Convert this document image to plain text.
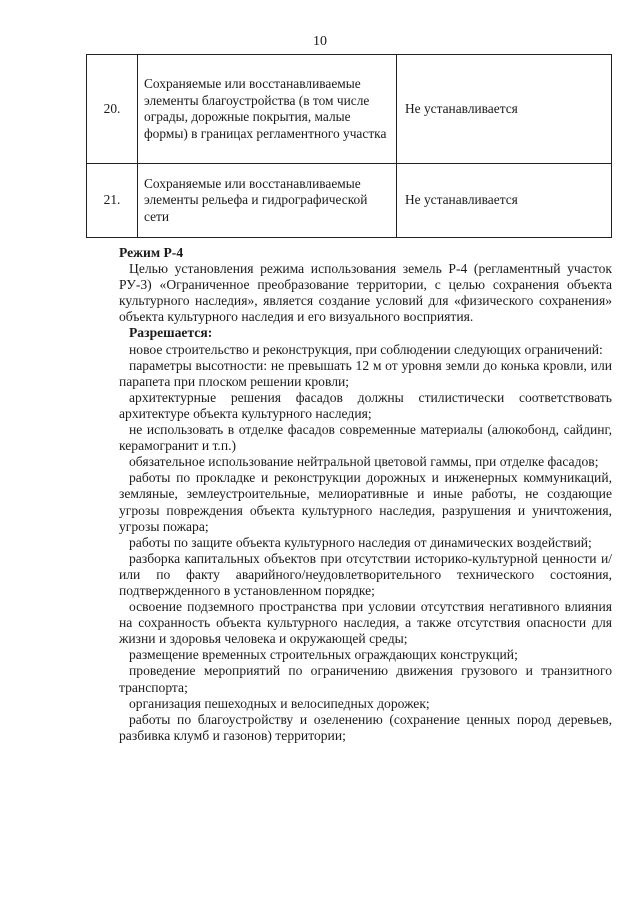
10
20.	Сохраняемые или восстанавливаемые элементы благоустройства (в том числе ограды, дорожные покрытия, малые формы) в границах регламентного участка	Не устанавливается
21.	Сохраняемые или восстанавливаемые элементы рельефа и гидрографической сети	Не устанавливается

Режим Р-4

Целью установления режима использования земель Р-4 (регламентный участок РУ-3) «Ограниченное преобразование территории, с целью сохранения объекта культурного наследия», является создание условий для «физического сохранения» объекта культурного наследия и его визуального восприятия.

Разрешается:

новое строительство и реконструкция, при соблюдении следующих ограничений:

параметры высотности: не превышать 12 м от уровня земли до конька кровли, или парапета при плоском решении кровли;

архитектурные решения фасадов должны стилистически соответствовать архитектуре объекта культурного наследия;

не использовать в отделке фасадов современные материалы (алюкобонд, сайдинг, керамогранит и т.п.)

обязательное использование нейтральной цветовой гаммы, при отделке фасадов;

работы по прокладке и реконструкции дорожных и инженерных коммуникаций, земляные, землеустроительные, мелиоративные и иные работы, не создающие угрозы повреждения объекта культурного наследия, разрушения и уничтожения, угрозы пожара;

работы по защите объекта культурного наследия от динамических воздействий;

разборка капитальных объектов при отсутствии историко-культурной ценности и/или по факту аварийного/неудовлетворительного технического состояния, подтвержденного в установленном порядке;

освоение подземного пространства при условии отсутствия негативного влияния на сохранность объекта культурного наследия, а также отсутствия опасности для жизни и здоровья человека и окружающей среды;

размещение временных строительных ограждающих конструкций;

проведение мероприятий по ограничению движения грузового и транзитного транспорта;

организация пешеходных и велосипедных дорожек;

работы по благоустройству и озеленению (сохранение ценных пород деревьев, разбивка клумб и газонов) территории;
